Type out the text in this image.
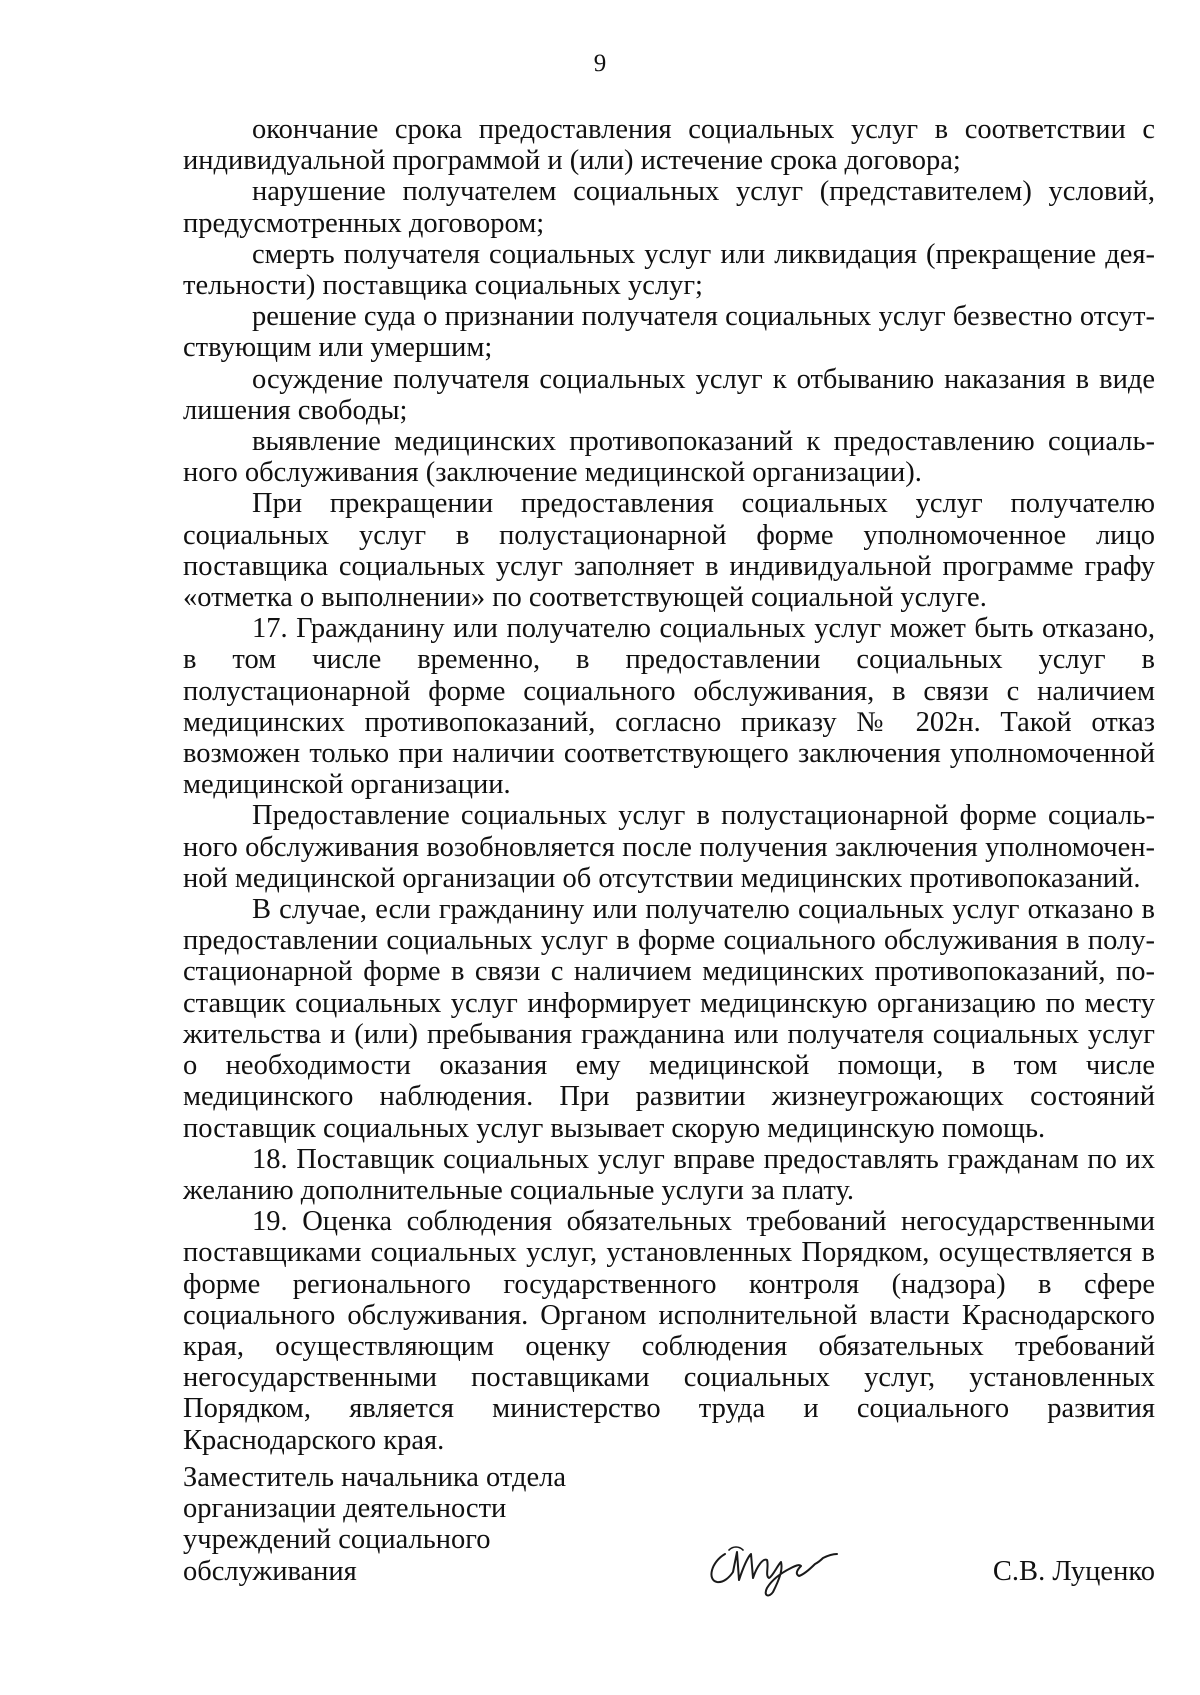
9

окончание срока предоставления социальных услуг в соответствии с индивидуальной программой и (или) истечение срока договора;

нарушение получателем социальных услуг (представителем) условий, предусмотренных договором;

смерть получателя социальных услуг или ликвидация (прекращение деятельности) поставщика социальных услуг;

решение суда о признании получателя социальных услуг безвестно отсутствующим или умершим;

осуждение получателя социальных услуг к отбыванию наказания в виде лишения свободы;

выявление медицинских противопоказаний к предоставлению социального обслуживания (заключение медицинской организации).

При прекращении предоставления социальных услуг получателю социальных услуг в полустационарной форме уполномоченное лицо поставщика социальных услуг заполняет в индивидуальной программе графу «отметка о выполнении» по соответствующей социальной услуге.

17. Гражданину или получателю социальных услуг может быть отказано, в том числе временно, в предоставлении социальных услуг в полустационарной форме социального обслуживания, в связи с наличием медицинских противопоказаний, согласно приказу № 202н. Такой отказ возможен только при наличии соответствующего заключения уполномоченной медицинской организации.

Предоставление социальных услуг в полустационарной форме социального обслуживания возобновляется после получения заключения уполномоченной медицинской организации об отсутствии медицинских противопоказаний.

В случае, если гражданину или получателю социальных услуг отказано в предоставлении социальных услуг в форме социального обслуживания в полустационарной форме в связи с наличием медицинских противопоказаний, поставщик социальных услуг информирует медицинскую организацию по месту жительства и (или) пребывания гражданина или получателя социальных услуг о необходимости оказания ему медицинской помощи, в том числе медицинского наблюдения. При развитии жизнеугрожающих состояний поставщик социальных услуг вызывает скорую медицинскую помощь.

18. Поставщик социальных услуг вправе предоставлять гражданам по их желанию дополнительные социальные услуги за плату.

19. Оценка соблюдения обязательных требований негосударственными поставщиками социальных услуг, установленных Порядком, осуществляется в форме регионального государственного контроля (надзора) в сфере социального обслуживания. Органом исполнительной власти Краснодарского края, осуществляющим оценку соблюдения обязательных требований негосударственными поставщиками социальных услуг, установленных Порядком, является министерство труда и социального развития Краснодарского края.

Заместитель начальника отдела
организации деятельности
учреждений социального
обслуживания	С.В. Луценко
